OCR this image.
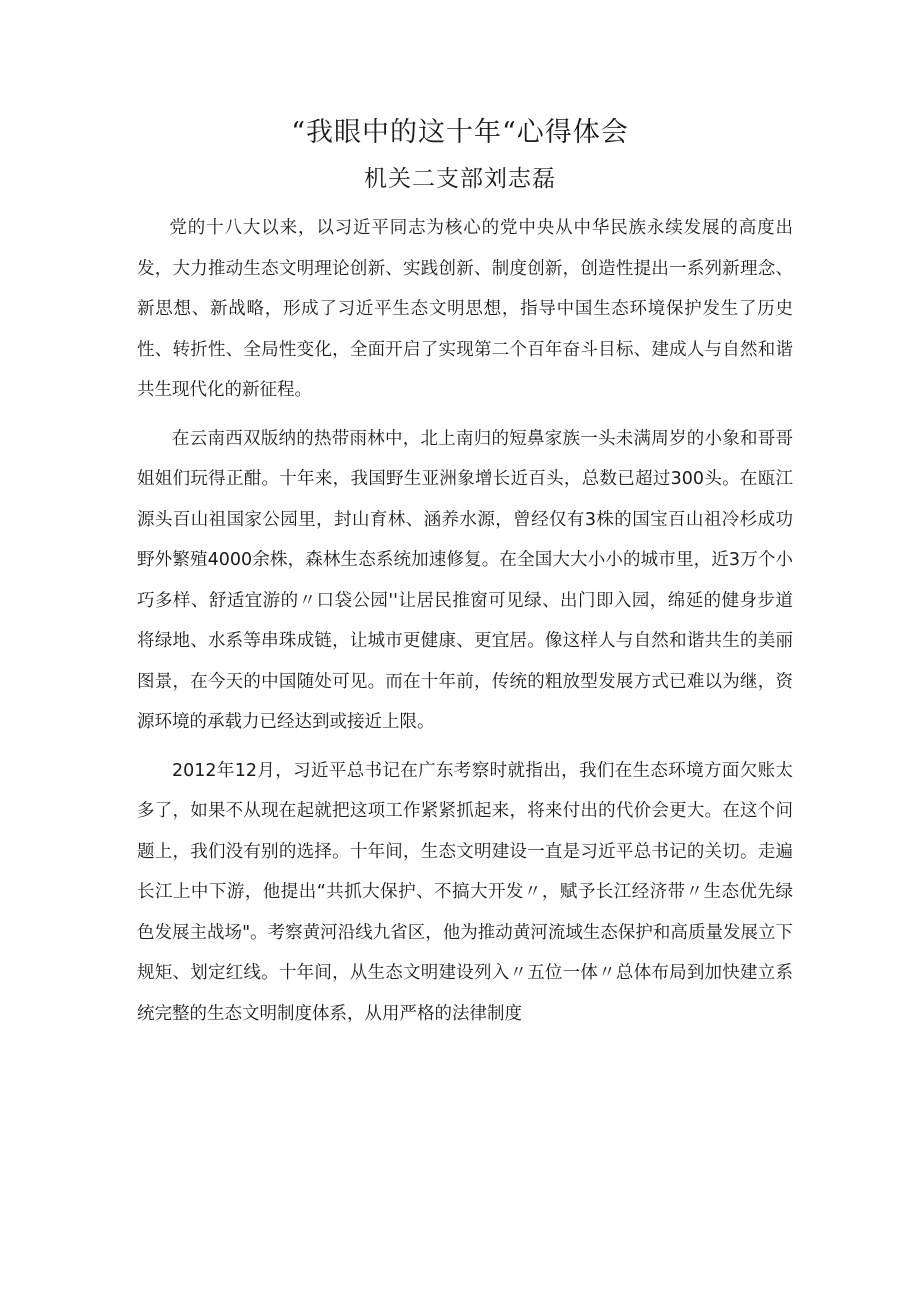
“我眼中的这十年“心得体会
机关二支部刘志磊

党的十八大以来，以习近平同志为核心的党中央从中华民族永续发展的高度出发，大力推动生态文明理论创新、实践创新、制度创新，创造性提出一系列新理念、新思想、新战略，形成了习近平生态文明思想，指导中国生态环境保护发生了历史性、转折性、全局性变化，全面开启了实现第二个百年奋斗目标、建成人与自然和谐共生现代化的新征程。

在云南西双版纳的热带雨林中，北上南归的短鼻家族一头未满周岁的小象和哥哥姐姐们玩得正酣。十年来，我国野生亚洲象增长近百头，总数已超过300头。在瓯江源头百山祖国家公园里，封山育林、涵养水源，曾经仅有3株的国宝百山祖冷杉成功野外繁殖4000余株，森林生态系统加速修复。在全国大大小小的城市里，近3万个小巧多样、舒适宜游的〃口袋公园''让居民推窗可见绿、出门即入园，绵延的健身步道将绿地、水系等串珠成链，让城市更健康、更宜居。像这样人与自然和谐共生的美丽图景，在今天的中国随处可见。而在十年前，传统的粗放型发展方式已难以为继，资源环境的承载力已经达到或接近上限。

2012年12月，习近平总书记在广东考察时就指出，我们在生态环境方面欠账太多了，如果不从现在起就把这项工作紧紧抓起来，将来付出的代价会更大。在这个问题上，我们没有别的选择。十年间，生态文明建设一直是习近平总书记的关切。走遍长江上中下游，他提出“共抓大保护、不搞大开发〃，赋予长江经济带〃生态优先绿色发展主战场"。考察黄河沿线九省区，他为推动黄河流域生态保护和高质量发展立下规矩、划定红线。十年间，从生态文明建设列入〃五位一体〃总体布局到加快建立系统完整的生态文明制度体系，从用严格的法律制度
